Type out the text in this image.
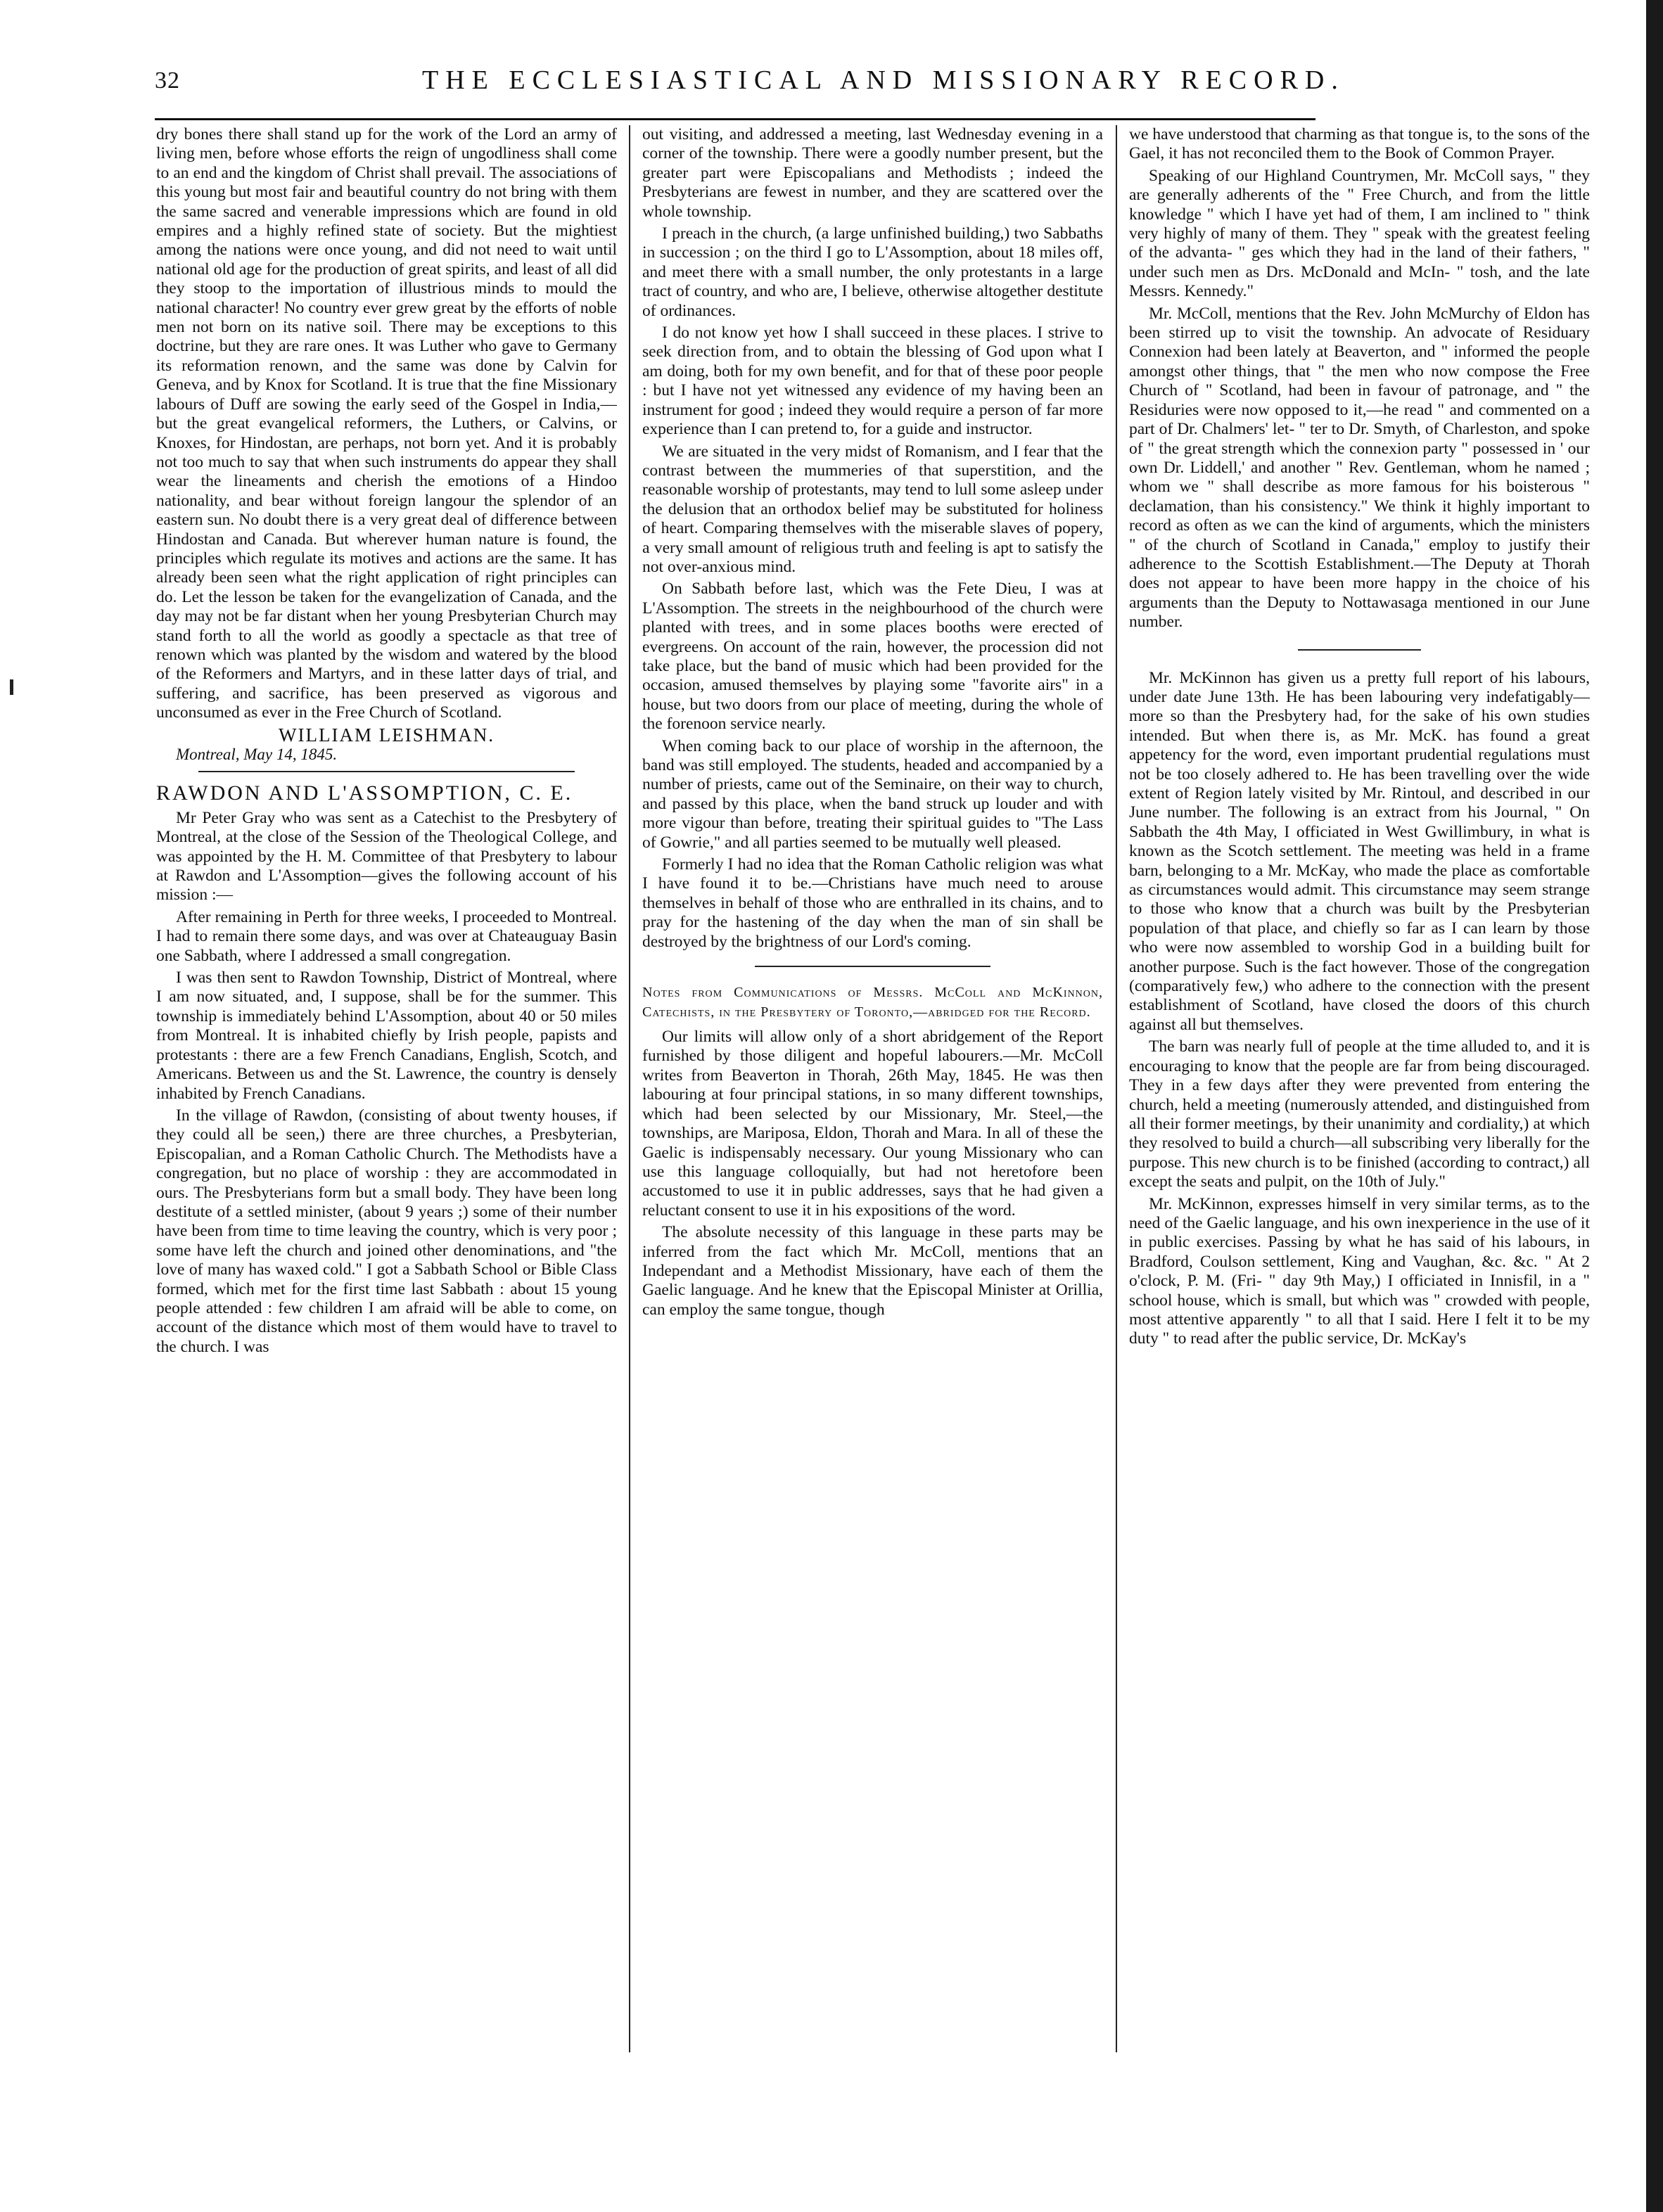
32	THE ECCLESIASTICAL AND MISSIONARY RECORD.

dry bones there shall stand up for the work of the Lord an army of living men, before whose efforts the reign of ungodliness shall come to an end and the kingdom of Christ shall prevail. The associations of this young but most fair and beautiful country do not bring with them the same sacred and venerable impressions which are found in old empires and a highly refined state of society. But the mightiest among the nations were once young, and did not need to wait until national old age for the production of great spirits, and least of all did they stoop to the importation of illustrious minds to mould the national character! No country ever grew great by the efforts of noble men not born on its native soil. There may be exceptions to this doctrine, but they are rare ones. It was Luther who gave to Germany its reformation renown, and the same was done by Calvin for Geneva, and by Knox for Scotland. It is true that the fine Missionary labours of Duff are sowing the early seed of the Gospel in India,—but the great evangelical reformers, the Luthers, or Calvins, or Knoxes, for Hindostan, are perhaps, not born yet. And it is probably not too much to say that when such instruments do appear they shall wear the lineaments and cherish the emotions of a Hindoo nationality, and bear without foreign langour the splendor of an eastern sun. No doubt there is a very great deal of difference between Hindostan and Canada. But wherever human nature is found, the principles which regulate its motives and actions are the same. It has already been seen what the right application of right principles can do. Let the lesson be taken for the evangelization of Canada, and the day may not be far distant when her young Presbyterian Church may stand forth to all the world as goodly a spectacle as that tree of renown which was planted by the wisdom and watered by the blood of the Reformers and Martyrs, and in these latter days of trial, and suffering, and sacrifice, has been preserved as vigorous and unconsumed as ever in the Free Church of Scotland.

WILLIAM LEISHMAN.

Montreal, May 14, 1845.

RAWDON AND L'ASSOMPTION, C. E.

Mr Peter Gray who was sent as a Catechist to the Presbytery of Montreal, at the close of the Session of the Theological College, and was appointed by the H. M. Committee of that Presbytery to labour at Rawdon and L'Assomption—gives the following account of his mission :—

After remaining in Perth for three weeks, I proceeded to Montreal. I had to remain there some days, and was over at Chateauguay Basin one Sabbath, where I addressed a small congregation.

I was then sent to Rawdon Township, District of Montreal, where I am now situated, and, I suppose, shall be for the summer. This township is immediately behind L'Assomption, about 40 or 50 miles from Montreal. It is inhabited chiefly by Irish people, papists and protestants : there are a few French Canadians, English, Scotch, and Americans. Between us and the St. Lawrence, the country is densely inhabited by French Canadians.

In the village of Rawdon, (consisting of about twenty houses, if they could all be seen,) there are three churches, a Presbyterian, Episcopalian, and a Roman Catholic Church. The Methodists have a congregation, but no place of worship : they are accommodated in ours. The Presbyterians form but a small body. They have been long destitute of a settled minister, (about 9 years ;) some of their number have been from time to time leaving the country, which is very poor ; some have left the church and joined other denominations, and "the love of many has waxed cold." I got a Sabbath School or Bible Class formed, which met for the first time last Sabbath : about 15 young people attended : few children I am afraid will be able to come, on account of the distance which most of them would have to travel to the church. I was

out visiting, and addressed a meeting, last Wednesday evening in a corner of the township. There were a goodly number present, but the greater part were Episcopalians and Methodists ; indeed the Presbyterians are fewest in number, and they are scattered over the whole township.

I preach in the church, (a large unfinished building,) two Sabbaths in succession ; on the third I go to L'Assomption, about 18 miles off, and meet there with a small number, the only protestants in a large tract of country, and who are, I believe, otherwise altogether destitute of ordinances.

I do not know yet how I shall succeed in these places. I strive to seek direction from, and to obtain the blessing of God upon what I am doing, both for my own benefit, and for that of these poor people : but I have not yet witnessed any evidence of my having been an instrument for good ; indeed they would require a person of far more experience than I can pretend to, for a guide and instructor.

We are situated in the very midst of Romanism, and I fear that the contrast between the mummeries of that superstition, and the reasonable worship of protestants, may tend to lull some asleep under the delusion that an orthodox belief may be substituted for holiness of heart. Comparing themselves with the miserable slaves of popery, a very small amount of religious truth and feeling is apt to satisfy the not over-anxious mind.

On Sabbath before last, which was the Fete Dieu, I was at L'Assomption. The streets in the neighbourhood of the church were planted with trees, and in some places booths were erected of evergreens. On account of the rain, however, the procession did not take place, but the band of music which had been provided for the occasion, amused themselves by playing some "favorite airs" in a house, but two doors from our place of meeting, during the whole of the forenoon service nearly.

When coming back to our place of worship in the afternoon, the band was still employed. The students, headed and accompanied by a number of priests, came out of the Seminaire, on their way to church, and passed by this place, when the band struck up louder and with more vigour than before, treating their spiritual guides to "The Lass of Gowrie," and all parties seemed to be mutually well pleased.

Formerly I had no idea that the Roman Catholic religion was what I have found it to be.—Christians have much need to arouse themselves in behalf of those who are enthralled in its chains, and to pray for the hastening of the day when the man of sin shall be destroyed by the brightness of our Lord's coming.

Notes from Communications of Messrs. McColl and McKinnon, Catechists, in the Presbytery of Toronto,—abridged for the Record.

Our limits will allow only of a short abridgement of the Report furnished by those diligent and hopeful labourers.—Mr. McColl writes from Beaverton in Thorah, 26th May, 1845. He was then labouring at four principal stations, in so many different townships, which had been selected by our Missionary, Mr. Steel,—the townships, are Mariposa, Eldon, Thorah and Mara. In all of these the Gaelic is indispensably necessary. Our young Missionary who can use this language colloquially, but had not heretofore been accustomed to use it in public addresses, says that he had given a reluctant consent to use it in his expositions of the word.

The absolute necessity of this language in these parts may be inferred from the fact which Mr. McColl, mentions that an Independant and a Methodist Missionary, have each of them the Gaelic language. And he knew that the Episcopal Minister at Orillia, can employ the same tongue, though

we have understood that charming as that tongue is, to the sons of the Gael, it has not reconciled them to the Book of Common Prayer.

Speaking of our Highland Countrymen, Mr. McColl says, " they are generally adherents of the " Free Church, and from the little knowledge " which I have yet had of them, I am inclined to " think very highly of many of them. They " speak with the greatest feeling of the advanta- " ges which they had in the land of their fathers, " under such men as Drs. McDonald and McIn- " tosh, and the late Messrs. Kennedy."

Mr. McColl, mentions that the Rev. John McMurchy of Eldon has been stirred up to visit the township. An advocate of Residuary Connexion had been lately at Beaverton, and " informed the people amongst other things, that " the men who now compose the Free Church of " Scotland, had been in favour of patronage, and " the Residuries were now opposed to it,—he read " and commented on a part of Dr. Chalmers' let- " ter to Dr. Smyth, of Charleston, and spoke of " the great strength which the connexion party " possessed in ' our own Dr. Liddell,' and another " Rev. Gentleman, whom he named ; whom we " shall describe as more famous for his boisterous " declamation, than his consistency." We think it highly important to record as often as we can the kind of arguments, which the ministers " of the church of Scotland in Canada," employ to justify their adherence to the Scottish Establishment.—The Deputy at Thorah does not appear to have been more happy in the choice of his arguments than the Deputy to Nottawasaga mentioned in our June number.

Mr. McKinnon has given us a pretty full report of his labours, under date June 13th. He has been labouring very indefatigably—more so than the Presbytery had, for the sake of his own studies intended. But when there is, as Mr. McK. has found a great appetency for the word, even important prudential regulations must not be too closely adhered to. He has been travelling over the wide extent of Region lately visited by Mr. Rintoul, and described in our June number. The following is an extract from his Journal, " On Sabbath the 4th May, I officiated in West Gwillimbury, in what is known as the Scotch settlement. The meeting was held in a frame barn, belonging to a Mr. McKay, who made the place as comfortable as circumstances would admit. This circumstance may seem strange to those who know that a church was built by the Presbyterian population of that place, and chiefly so far as I can learn by those who were now assembled to worship God in a building built for another purpose. Such is the fact however. Those of the congregation (comparatively few,) who adhere to the connection with the present establishment of Scotland, have closed the doors of this church against all but themselves.

The barn was nearly full of people at the time alluded to, and it is encouraging to know that the people are far from being discouraged. They in a few days after they were prevented from entering the church, held a meeting (numerously attended, and distinguished from all their former meetings, by their unanimity and cordiality,) at which they resolved to build a church—all subscribing very liberally for the purpose. This new church is to be finished (according to contract,) all except the seats and pulpit, on the 10th of July."

Mr. McKinnon, expresses himself in very similar terms, as to the need of the Gaelic language, and his own inexperience in the use of it in public exercises. Passing by what he has said of his labours, in Bradford, Coulson settlement, King and Vaughan, &c. &c. " At 2 o'clock, P. M. (Fri- " day 9th May,) I officiated in Innisfil, in a " school house, which is small, but which was " crowded with people, most attentive apparently " to all that I said. Here I felt it to be my duty " to read after the public service, Dr. McKay's
